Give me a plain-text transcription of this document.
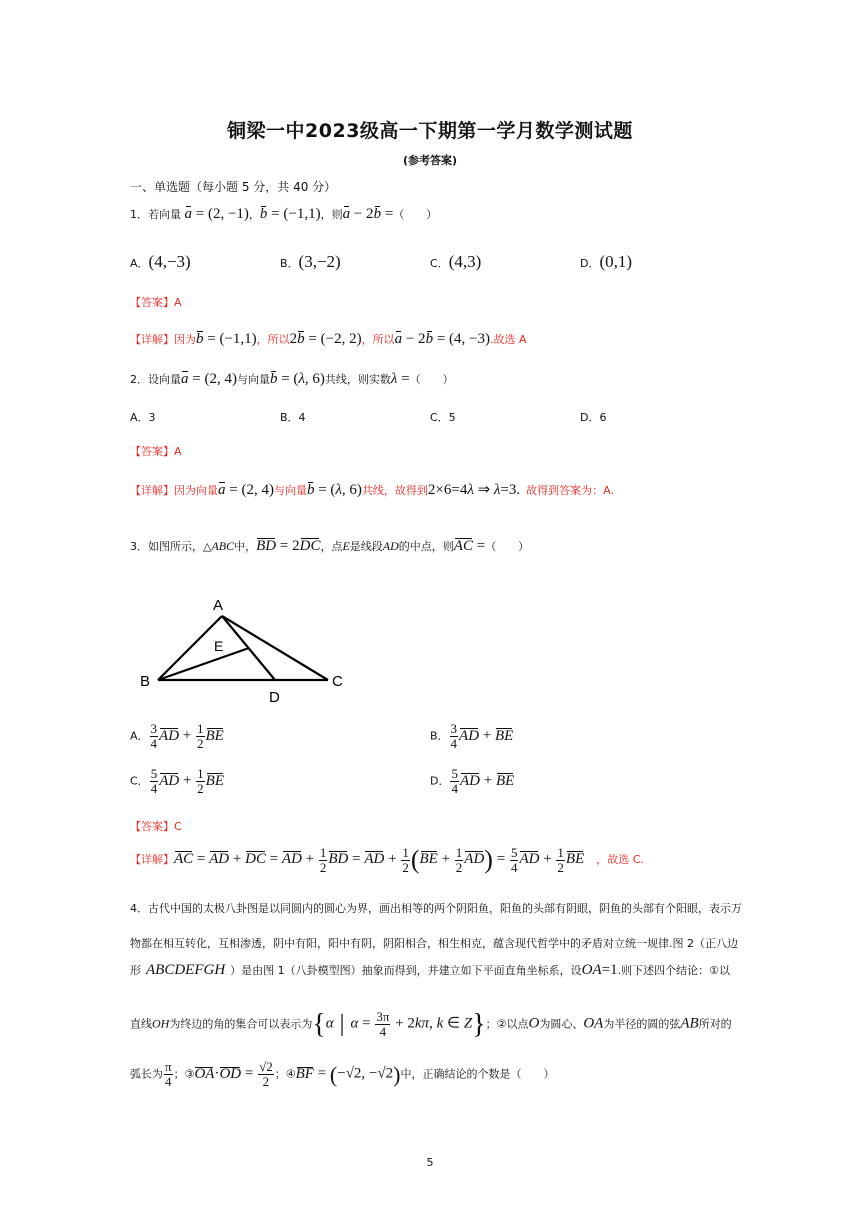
铜梁一中2023级高一下期第一学月数学测试题
(参考答案)
一、单选题（每小题 5 分，共 40 分）
1．若向量 a = (2, −1)，b = (−1,1)，则a − 2b =（　　）
A．(4,−3)	B．(3,−2)	C．(4,3)	D．(0,1)
【答案】A
【详解】因为b = (−1,1)，所以2b = (−2, 2)，所以a − 2b = (4, −3).故选 A
2．设向量a = (2, 4)与向量b = (λ, 6)共线，则实数λ =（　　）
A．3	B．4	C．5	D．6
【答案】A
【详解】因为向量a = (2, 4)与向量b = (λ, 6)共线，故得到2×6=4λ ⇒ λ=3. 故得到答案为：A.
3．如图所示，△ABC中，BD = 2DC，点E是线段AD的中点，则AC =（　　）
A
B	C
D
E
A． $\frac{3}{4}$ AD + $\frac{1}{2}$ BE	B． $\frac{3}{4}$ AD + BE
C． $\frac{5}{4}$ AD + $\frac{1}{2}$ BE	D． $\frac{5}{4}$ AD + BE
【答案】C
【详解】AC = AD + DC = AD + $\frac{1}{2}$ BD = AD + $\frac{1}{2} (BE + \frac{1}{2} AD) = \frac{5}{4}$ AD + $\frac{1}{2}$ BE ，故选 C.
4．古代中国的太极八卦图是以同圆内的圆心为界，画出相等的两个阴阳鱼，阳鱼的头部有阴眼，阴鱼的头部有个阳眼，表示万
物都在相互转化，互相渗透，阴中有阳，阳中有阴，阴阳相合，相生相克，蕴含现代哲学中的矛盾对立统一规律.图 2（正八边
形 ABCDEFGH ）是由图 1（八卦模型图）抽象而得到，并建立如下平面直角坐标系，设OA=1.则下述四个结论：①以
直线OH为终边的角的集合可以表示为{α | $\alpha = \frac{3\pi}{4} + 2k\pi$, k ∈ Z}；②以点O为圆心、OA为半径的圆的弦AB所对的
弧长为 $\frac{\pi}{4}$ ；③OA·OD = $\frac{√2}{2}$ ；④BF = (−√2, −√2)中，正确结论的个数是（　　）
5
